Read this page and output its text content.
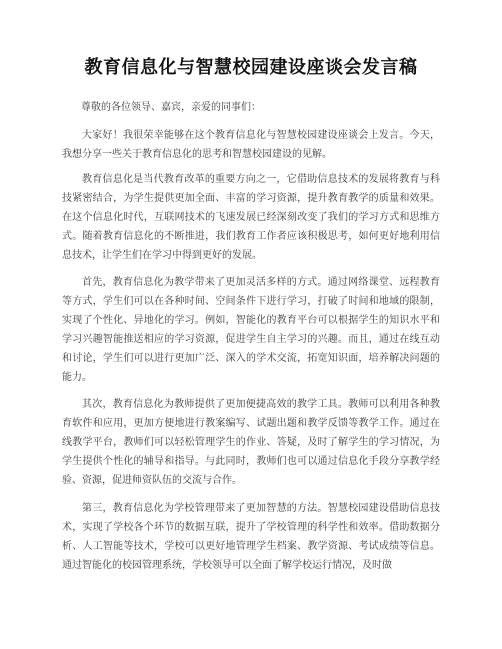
教育信息化与智慧校园建设座谈会发言稿

尊敬的各位领导、嘉宾，亲爱的同事们：

大家好！我很荣幸能够在这个教育信息化与智慧校园建设座谈会上发言。今天，我想分享一些关于教育信息化的思考和智慧校园建设的见解。

教育信息化是当代教育改革的重要方向之一，它借助信息技术的发展将教育与科技紧密结合，为学生提供更加全面、丰富的学习资源，提升教育教学的质量和效果。在这个信息化时代，互联网技术的飞速发展已经深刻改变了我们的学习方式和思维方式。随着教育信息化的不断推进，我们教育工作者应该积极思考，如何更好地利用信息技术，让学生们在学习中得到更好的发展。

首先，教育信息化为教学带来了更加灵活多样的方式。通过网络课堂、远程教育等方式，学生们可以在各种时间、空间条件下进行学习，打破了时间和地域的限制，实现了个性化、异地化的学习。例如，智能化的教育平台可以根据学生的知识水平和学习兴趣智能推送相应的学习资源，促进学生自主学习的兴趣。而且，通过在线互动和讨论，学生们可以进行更加广泛、深入的学术交流，拓宽知识面，培养解决问题的能力。

其次，教育信息化为教师提供了更加便捷高效的教学工具。教师可以利用各种教育软件和应用，更加方便地进行教案编写、试题出题和教学反馈等教学工作。通过在线教学平台，教师们可以轻松管理学生的作业、答疑，及时了解学生的学习情况，为学生提供个性化的辅导和指导。与此同时，教师们也可以通过信息化手段分享教学经验、资源，促进师资队伍的交流与合作。

第三，教育信息化为学校管理带来了更加智慧的方法。智慧校园建设借助信息技术，实现了学校各个环节的数据互联，提升了学校管理的科学性和效率。借助数据分析、人工智能等技术，学校可以更好地管理学生档案、教学资源、考试成绩等信息。通过智能化的校园管理系统，学校领导可以全面了解学校运行情况，及时做
